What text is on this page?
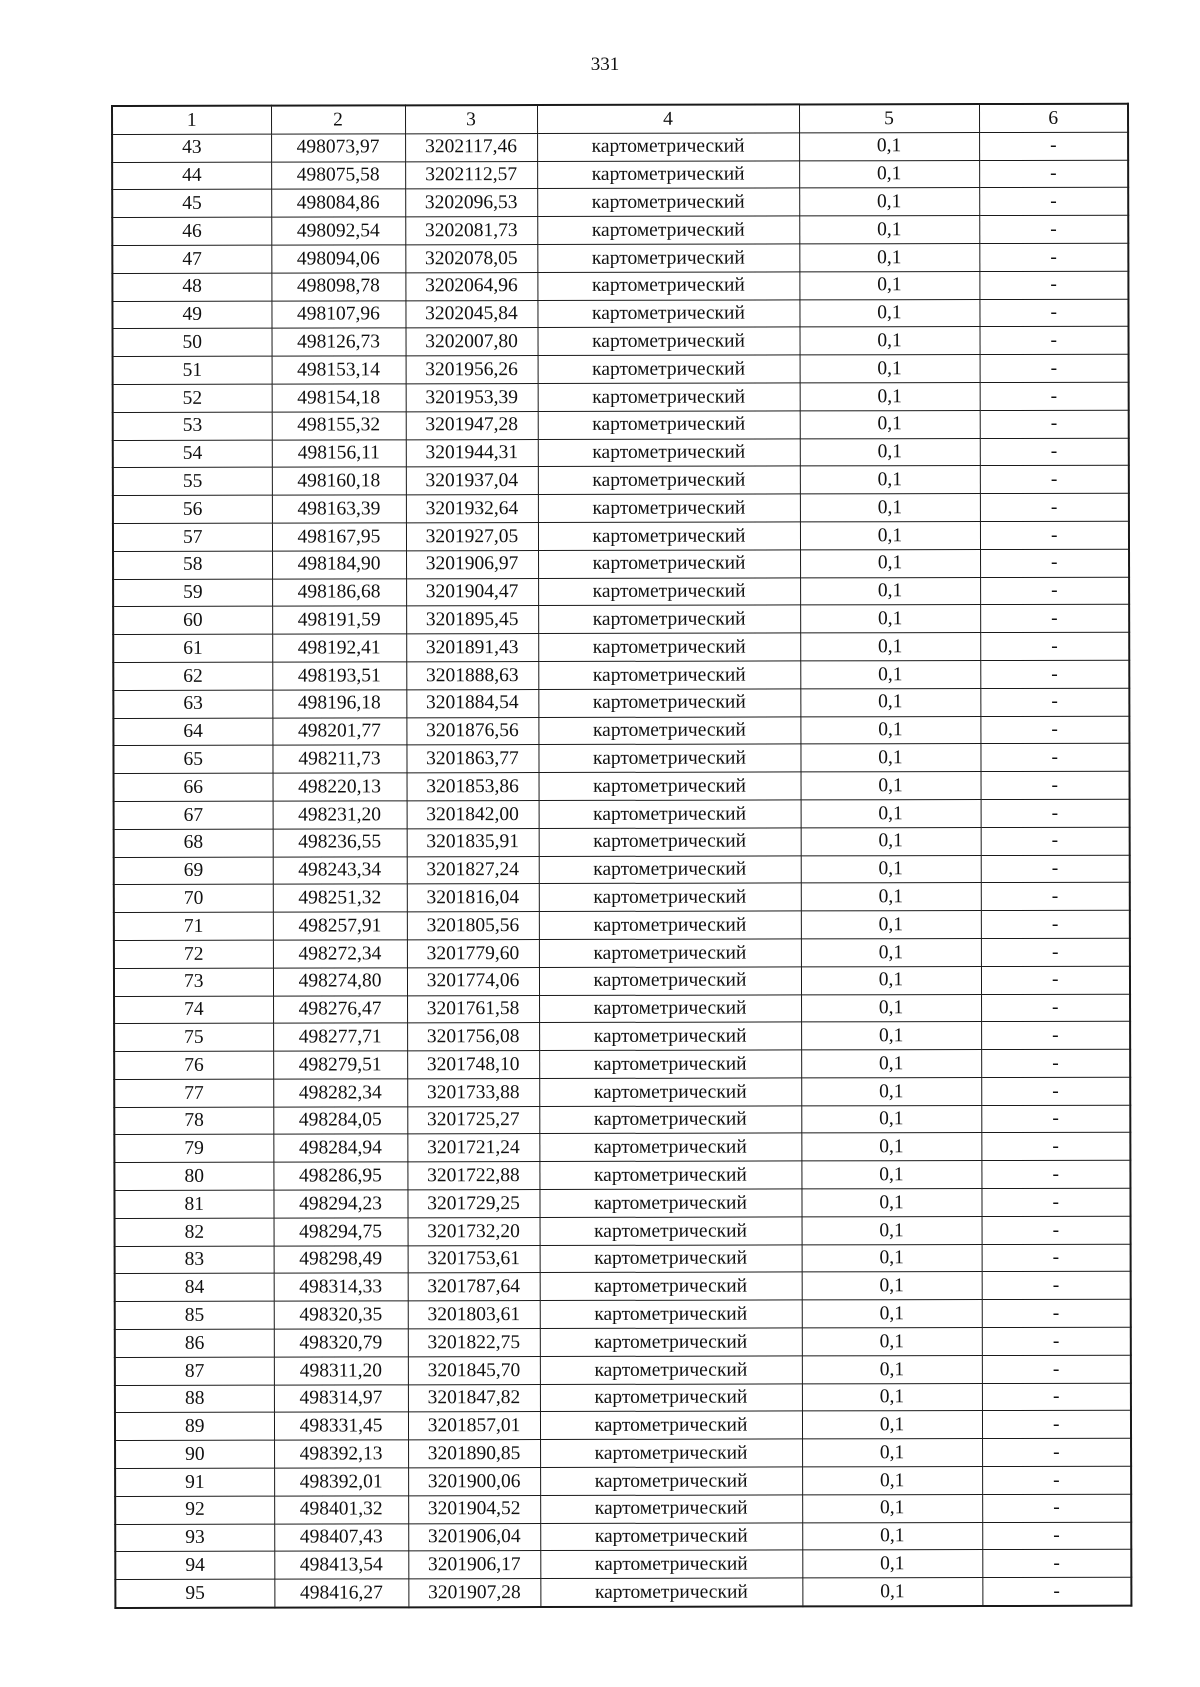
331
1	2	3	4	5	6
43	498073,97	3202117,46	картометрический	0,1	-
44	498075,58	3202112,57	картометрический	0,1	-
45	498084,86	3202096,53	картометрический	0,1	-
46	498092,54	3202081,73	картометрический	0,1	-
47	498094,06	3202078,05	картометрический	0,1	-
48	498098,78	3202064,96	картометрический	0,1	-
49	498107,96	3202045,84	картометрический	0,1	-
50	498126,73	3202007,80	картометрический	0,1	-
51	498153,14	3201956,26	картометрический	0,1	-
52	498154,18	3201953,39	картометрический	0,1	-
53	498155,32	3201947,28	картометрический	0,1	-
54	498156,11	3201944,31	картометрический	0,1	-
55	498160,18	3201937,04	картометрический	0,1	-
56	498163,39	3201932,64	картометрический	0,1	-
57	498167,95	3201927,05	картометрический	0,1	-
58	498184,90	3201906,97	картометрический	0,1	-
59	498186,68	3201904,47	картометрический	0,1	-
60	498191,59	3201895,45	картометрический	0,1	-
61	498192,41	3201891,43	картометрический	0,1	-
62	498193,51	3201888,63	картометрический	0,1	-
63	498196,18	3201884,54	картометрический	0,1	-
64	498201,77	3201876,56	картометрический	0,1	-
65	498211,73	3201863,77	картометрический	0,1	-
66	498220,13	3201853,86	картометрический	0,1	-
67	498231,20	3201842,00	картометрический	0,1	-
68	498236,55	3201835,91	картометрический	0,1	-
69	498243,34	3201827,24	картометрический	0,1	-
70	498251,32	3201816,04	картометрический	0,1	-
71	498257,91	3201805,56	картометрический	0,1	-
72	498272,34	3201779,60	картометрический	0,1	-
73	498274,80	3201774,06	картометрический	0,1	-
74	498276,47	3201761,58	картометрический	0,1	-
75	498277,71	3201756,08	картометрический	0,1	-
76	498279,51	3201748,10	картометрический	0,1	-
77	498282,34	3201733,88	картометрический	0,1	-
78	498284,05	3201725,27	картометрический	0,1	-
79	498284,94	3201721,24	картометрический	0,1	-
80	498286,95	3201722,88	картометрический	0,1	-
81	498294,23	3201729,25	картометрический	0,1	-
82	498294,75	3201732,20	картометрический	0,1	-
83	498298,49	3201753,61	картометрический	0,1	-
84	498314,33	3201787,64	картометрический	0,1	-
85	498320,35	3201803,61	картометрический	0,1	-
86	498320,79	3201822,75	картометрический	0,1	-
87	498311,20	3201845,70	картометрический	0,1	-
88	498314,97	3201847,82	картометрический	0,1	-
89	498331,45	3201857,01	картометрический	0,1	-
90	498392,13	3201890,85	картометрический	0,1	-
91	498392,01	3201900,06	картометрический	0,1	-
92	498401,32	3201904,52	картометрический	0,1	-
93	498407,43	3201906,04	картометрический	0,1	-
94	498413,54	3201906,17	картометрический	0,1	-
95	498416,27	3201907,28	картометрический	0,1	-
